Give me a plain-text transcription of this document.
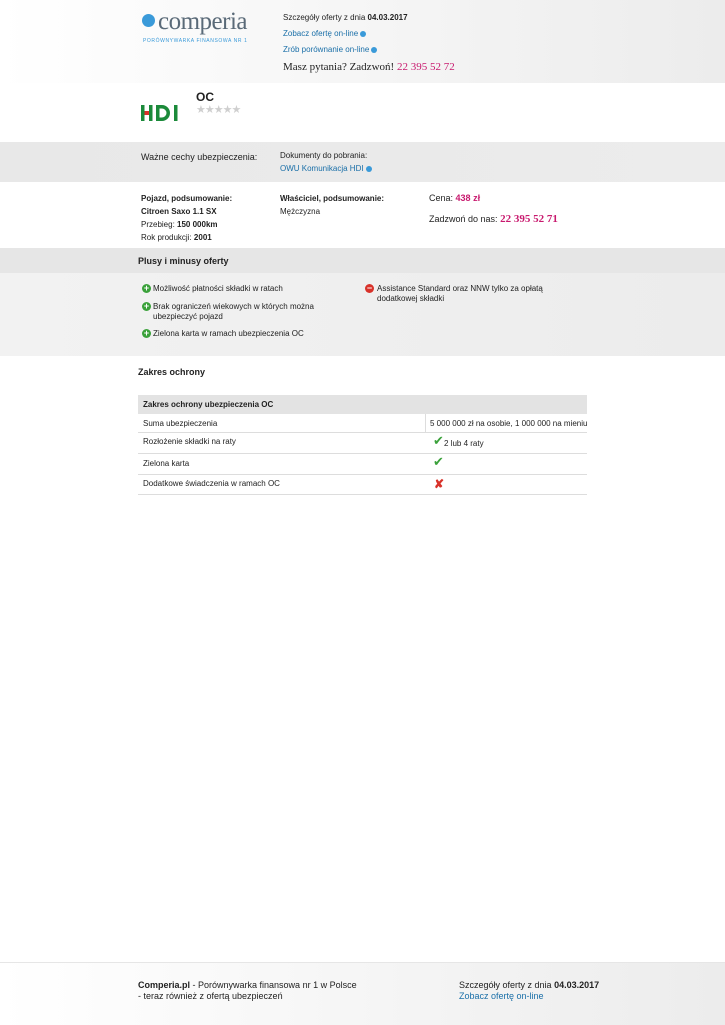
comperia
PORÓWNYWARKA FINANSOWA NR 1
Szczegóły oferty z dnia 04.03.2017
Zobacz ofertę on-line
Zrób porównanie on-line
Masz pytania? Zadzwoń! 22 395 52 72
OC
★★★★★
Ważne cechy ubezpieczenia:	Dokumenty do pobrania:
OWU Komunikacja HDI
Pojazd, podsumowanie:
Citroen Saxo 1.1 SX
Przebieg: 150 000km
Rok produkcji: 2001
Właściciel, podsumowanie:
Mężczyzna
Cena: 438 zł
Zadzwoń do nas: 22 395 52 71
Plusy i minusy oferty
+ Możliwość płatności składki w ratach
+ Brak ograniczeń wiekowych w których można ubezpieczyć pojazd
+ Zielona karta w ramach ubezpieczenia OC
− Assistance Standard oraz NNW tylko za opłatą dodatkowej składki
Zakres ochrony
Zakres ochrony ubezpieczenia OC
Suma ubezpieczenia	5 000 000 zł na osobie, 1 000 000 na mieniu
Rozłożenie składki na raty	✔ 2 lub 4 raty
Zielona karta	✔
Dodatkowe świadczenia w ramach OC	✘
Comperia.pl - Porównywarka finansowa nr 1 w Polsce
- teraz również z ofertą ubezpieczeń
Szczegóły oferty z dnia 04.03.2017
Zobacz ofertę on-line
